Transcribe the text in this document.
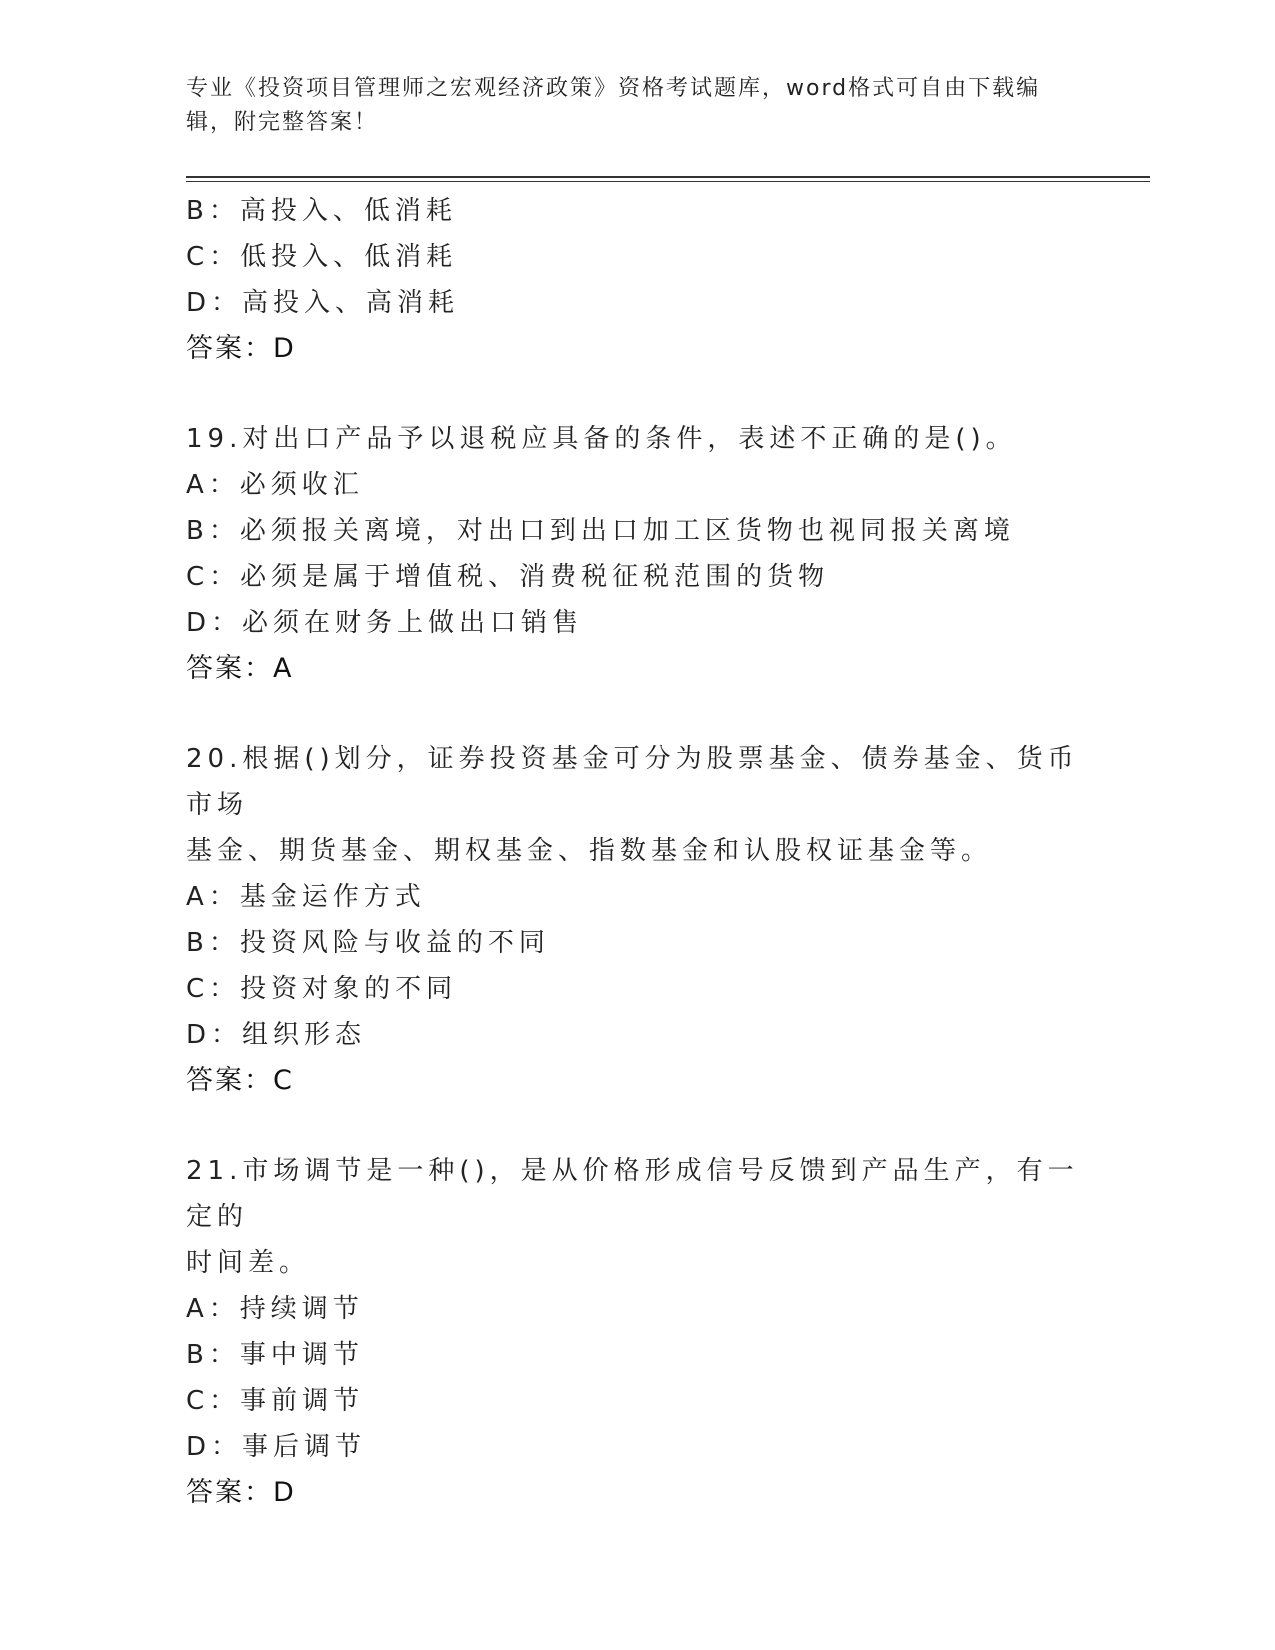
专业《投资项目管理师之宏观经济政策》资格考试题库，word格式可自由下载编辑，附完整答案！
B：高投入、低消耗
C：低投入、低消耗
D：高投入、高消耗
答案：D
19.对出口产品予以退税应具备的条件，表述不正确的是()。
A：必须收汇
B：必须报关离境，对出口到出口加工区货物也视同报关离境
C：必须是属于增值税、消费税征税范围的货物
D：必须在财务上做出口销售
答案：A
20.根据()划分，证券投资基金可分为股票基金、债券基金、货币市场
基金、期货基金、期权基金、指数基金和认股权证基金等。
A：基金运作方式
B：投资风险与收益的不同
C：投资对象的不同
D：组织形态
答案：C
21.市场调节是一种()，是从价格形成信号反馈到产品生产，有一定的
时间差。
A：持续调节
B：事中调节
C：事前调节
D：事后调节
答案：D
